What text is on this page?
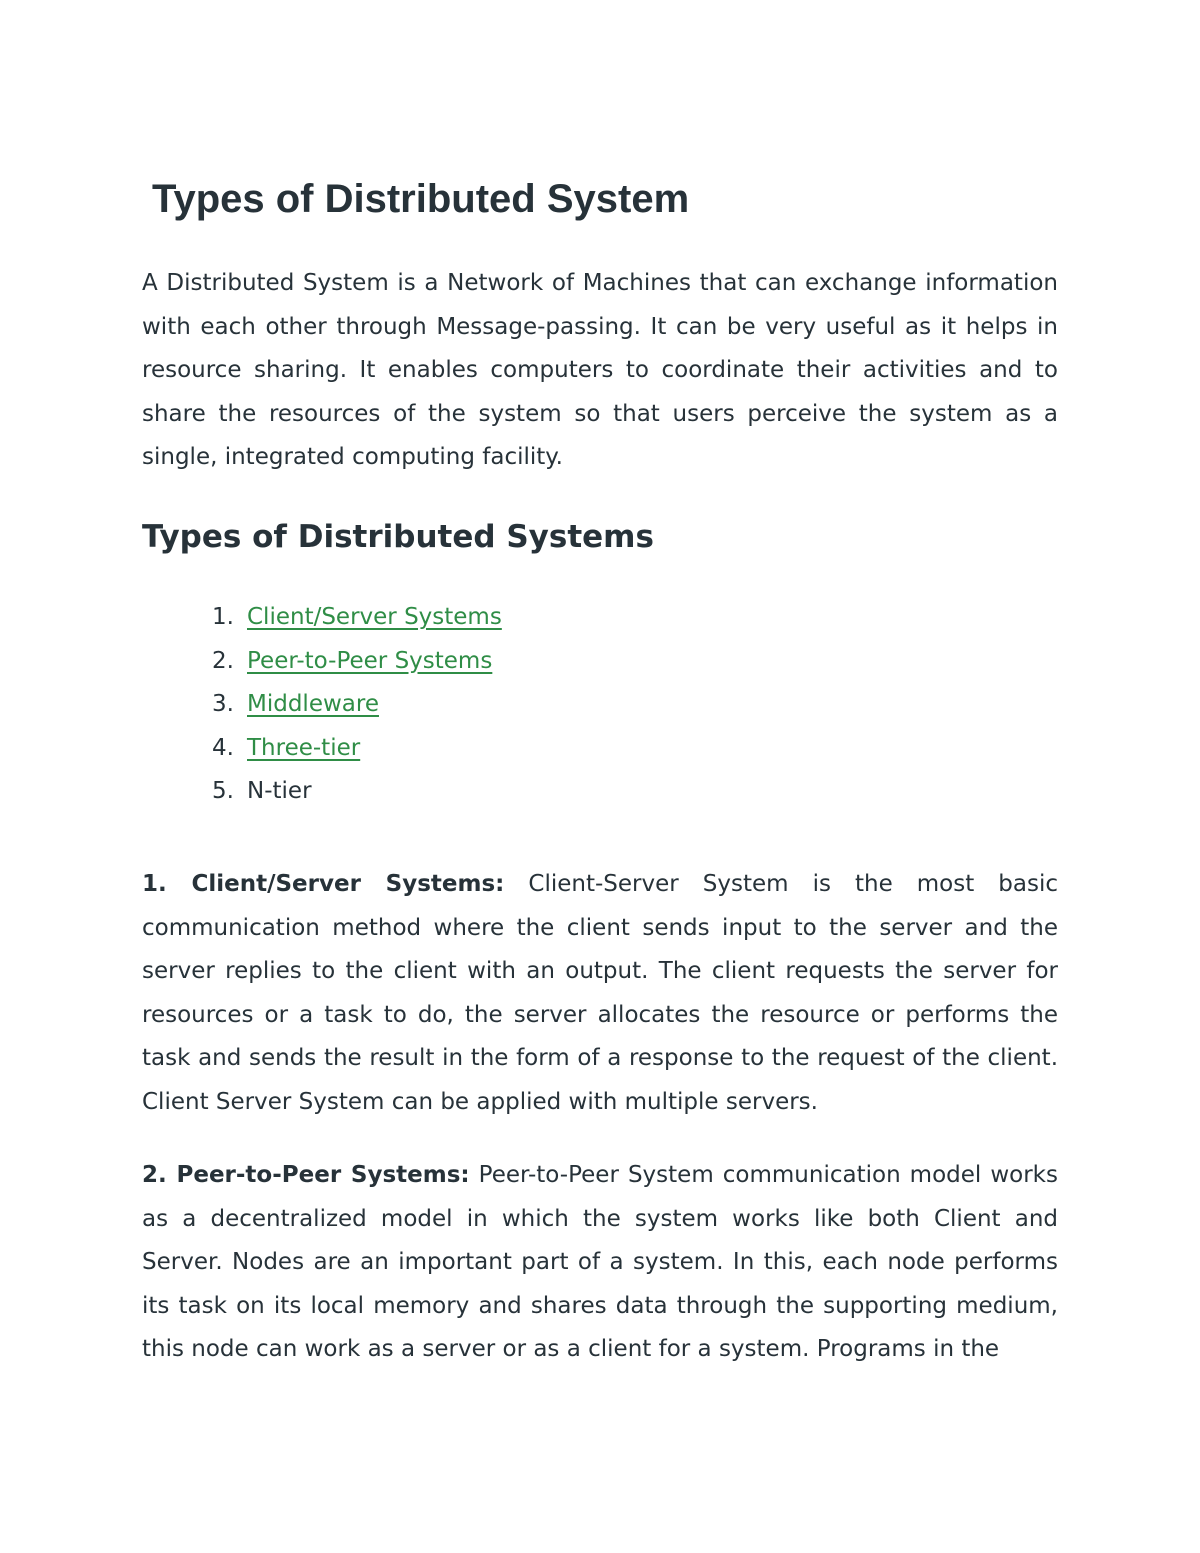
Types of Distributed System

A Distributed System is a Network of Machines that can exchange information with each other through Message-passing. It can be very useful as it helps in resource sharing. It enables computers to coordinate their activities and to share the resources of the system so that users perceive the system as a single, integrated computing facility.

Types of Distributed Systems
1. Client/Server Systems
2. Peer-to-Peer Systems
3. Middleware
4. Three-tier
5. N-tier

1. Client/Server Systems: Client-Server System is the most basic communication method where the client sends input to the server and the server replies to the client with an output. The client requests the server for resources or a task to do, the server allocates the resource or performs the task and sends the result in the form of a response to the request of the client. Client Server System can be applied with multiple servers.

2. Peer-to-Peer Systems: Peer-to-Peer System communication model works as a decentralized model in which the system works like both Client and Server. Nodes are an important part of a system. In this, each node performs its task on its local memory and shares data through the supporting medium, this node can work as a server or as a client for a system. Programs in the
